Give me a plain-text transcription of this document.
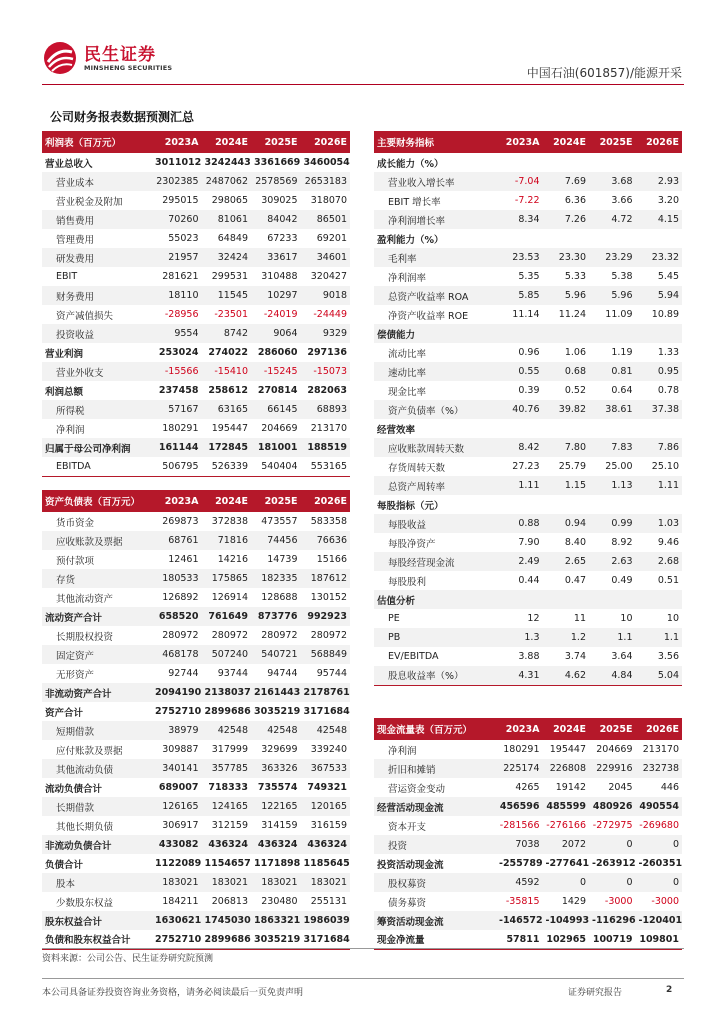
民生证券
MINSHENG SECURITIES	中国石油(601857)/能源开采
公司财务报表数据预测汇总
利润表（百万元）	2023A	2024E	2025E	2026E
营业总收入	3011012	3242443	3361669	3460054
营业成本	2302385	2487062	2578569	2653183
营业税金及附加	295015	298065	309025	318070
销售费用	70260	81061	84042	86501
管理费用	55023	64849	67233	69201
研发费用	21957	32424	33617	34601
EBIT	281621	299531	310488	320427
财务费用	18110	11545	10297	9018
资产减值损失	-28956	-23501	-24019	-24449
投资收益	9554	8742	9064	9329
营业利润	253024	274022	286060	297136
营业外收支	-15566	-15410	-15245	-15073
利润总额	237458	258612	270814	282063
所得税	57167	63165	66145	68893
净利润	180291	195447	204669	213170
归属于母公司净利润	161144	172845	181001	188519
EBITDA	506795	526339	540404	553165
资产负债表（百万元）	2023A	2024E	2025E	2026E
货币资金	269873	372838	473557	583358
应收账款及票据	68761	71816	74456	76636
预付款项	12461	14216	14739	15166
存货	180533	175865	182335	187612
其他流动资产	126892	126914	128688	130152
流动资产合计	658520	761649	873776	992923
长期股权投资	280972	280972	280972	280972
固定资产	468178	507240	540721	568849
无形资产	92744	93744	94744	95744
非流动资产合计	2094190	2138037	2161443	2178761
资产合计	2752710	2899686	3035219	3171684
短期借款	38979	42548	42548	42548
应付账款及票据	309887	317999	329699	339240
其他流动负债	340141	357785	363326	367533
流动负债合计	689007	718333	735574	749321
长期借款	126165	124165	122165	120165
其他长期负债	306917	312159	314159	316159
非流动负债合计	433082	436324	436324	436324
负债合计	1122089	1154657	1171898	1185645
股本	183021	183021	183021	183021
少数股东权益	184211	206813	230480	255131
股东权益合计	1630621	1745030	1863321	1986039
负债和股东权益合计	2752710	2899686	3035219	3171684
主要财务指标	2023A	2024E	2025E	2026E
成长能力（%）				
营业收入增长率	-7.04	7.69	3.68	2.93
EBIT 增长率	-7.22	6.36	3.66	3.20
净利润增长率	8.34	7.26	4.72	4.15
盈利能力（%）				
毛利率	23.53	23.30	23.29	23.32
净利润率	5.35	5.33	5.38	5.45
总资产收益率 ROA	5.85	5.96	5.96	5.94
净资产收益率 ROE	11.14	11.24	11.09	10.89
偿债能力				
流动比率	0.96	1.06	1.19	1.33
速动比率	0.55	0.68	0.81	0.95
现金比率	0.39	0.52	0.64	0.78
资产负债率（%）	40.76	39.82	38.61	37.38
经营效率				
应收账款周转天数	8.42	7.80	7.83	7.86
存货周转天数	27.23	25.79	25.00	25.10
总资产周转率	1.11	1.15	1.13	1.11
每股指标（元）				
每股收益	0.88	0.94	0.99	1.03
每股净资产	7.90	8.40	8.92	9.46
每股经营现金流	2.49	2.65	2.63	2.68
每股股利	0.44	0.47	0.49	0.51
估值分析				
PE	12	11	10	10
PB	1.3	1.2	1.1	1.1
EV/EBITDA	3.88	3.74	3.64	3.56
股息收益率（%）	4.31	4.62	4.84	5.04
现金流量表（百万元）	2023A	2024E	2025E	2026E
净利润	180291	195447	204669	213170
折旧和摊销	225174	226808	229916	232738
营运资金变动	4265	19142	2045	446
经营活动现金流	456596	485599	480926	490554
资本开支	-281566	-276166	-272975	-269680
投资	7038	2072	0	0
投资活动现金流	-255789	-277641	-263912	-260351
股权募资	4592	0	0	0
债务募资	-35815	1429	-3000	-3000
筹资活动现金流	-146572	-104993	-116296	-120401
现金净流量	57811	102965	100719	109801
资料来源：公司公告、民生证券研究院预测
本公司具备证券投资咨询业务资格，请务必阅读最后一页免责声明	证券研究报告	2
